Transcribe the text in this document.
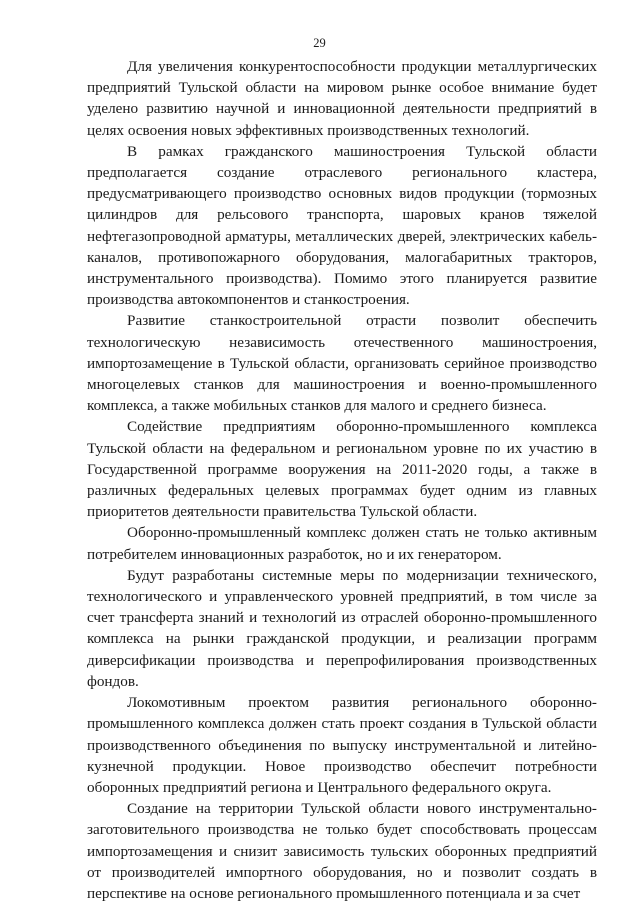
29

Для увеличения конкурентоспособности продукции металлургических предприятий Тульской области на мировом рынке особое внимание будет уделено развитию научной и инновационной деятельности предприятий в целях освоения новых эффективных производственных технологий.

В рамках гражданского машиностроения Тульской области предполагается создание отраслевого регионального кластера, предусматривающего производство основных видов продукции (тормозных цилиндров для рельсового транспорта, шаровых кранов тяжелой нефтегазопроводной арматуры, металлических дверей, электрических кабель-каналов, противопожарного оборудования, малогабаритных тракторов, инструментального производства). Помимо этого планируется развитие производства автокомпонентов и станкостроения.

Развитие станкостроительной отрасти позволит обеспечить технологическую независимость отечественного машиностроения, импортозамещение в Тульской области, организовать серийное производство многоцелевых станков для машиностроения и военно-промышленного комплекса, а также мобильных станков для малого и среднего бизнеса.

Содействие предприятиям оборонно-промышленного комплекса Тульской области на федеральном и региональном уровне по их участию в Государственной программе вооружения на 2011-2020 годы, а также в различных федеральных целевых программах будет одним из главных приоритетов деятельности правительства Тульской области.

Оборонно-промышленный комплекс должен стать не только активным потребителем инновационных разработок, но и их генератором.

Будут разработаны системные меры по модернизации технического, технологического и управленческого уровней предприятий, в том числе за счет трансферта знаний и технологий из отраслей оборонно-промышленного комплекса на рынки гражданской продукции, и реализации программ диверсификации производства и перепрофилирования производственных фондов.

Локомотивным проектом развития регионального оборонно-промышленного комплекса должен стать проект создания в Тульской области производственного объединения по выпуску инструментальной и литейно-кузнечной продукции. Новое производство обеспечит потребности оборонных предприятий региона и Центрального федерального округа.

Создание на территории Тульской области нового инструментально-заготовительного производства не только будет способствовать процессам импортозамещения и снизит зависимость тульских оборонных предприятий от производителей импортного оборудования, но и позволит создать в перспективе на основе регионального промышленного потенциала и за счет
